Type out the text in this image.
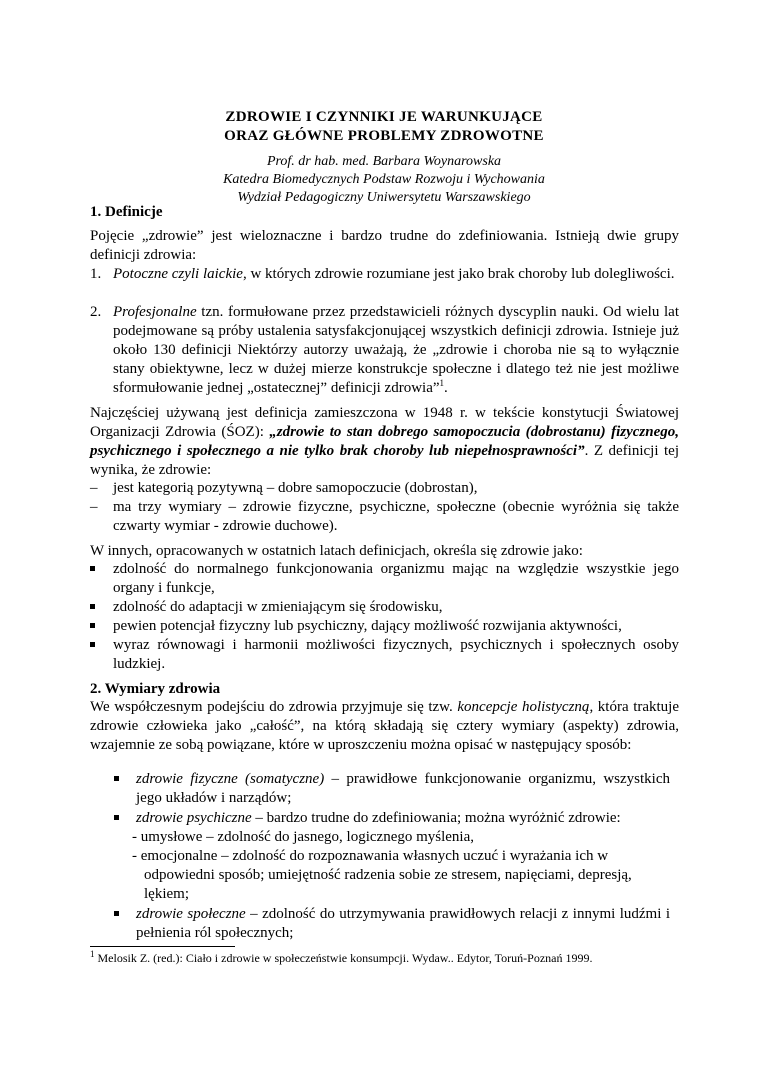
ZDROWIE I CZYNNIKI JE WARUNKUJĄCE
ORAZ GŁÓWNE PROBLEMY ZDROWOTNE
Prof. dr hab. med. Barbara Woynarowska
Katedra Biomedycznych Podstaw Rozwoju i Wychowania
Wydział Pedagogiczny Uniwersytetu Warszawskiego
1. Definicje
Pojęcie „zdrowie” jest wieloznaczne i bardzo trudne do zdefiniowania. Istnieją dwie grupy definicji zdrowia:
1. Potoczne czyli laickie, w których zdrowie rozumiane jest jako brak choroby lub dolegliwości.
2. Profesjonalne tzn. formułowane przez przedstawicieli różnych dyscyplin nauki. Od wielu lat podejmowane są próby ustalenia satysfakcjonującej wszystkich definicji zdrowia. Istnieje już około 130 definicji Niektórzy autorzy uważają, że „zdrowie i choroba nie są to wyłącznie stany obiektywne, lecz w dużej mierze konstrukcje społeczne i dlatego też nie jest możliwe sformułowanie jednej „ostatecznej” definicji zdrowia”$^1$.
Najczęściej używaną jest definicja zamieszczona w 1948 r. w tekście konstytucji Światowej Organizacji Zdrowia (ŚOZ): „zdrowie to stan dobrego samopoczucia (dobrostanu) fizycznego, psychicznego i społecznego a nie tylko brak choroby lub niepełnosprawności”. Z definicji tej wynika, że zdrowie:
– jest kategorią pozytywną – dobre samopoczucie (dobrostan),
– ma trzy wymiary – zdrowie fizyczne, psychiczne, społeczne (obecnie wyróżnia się także czwarty wymiar - zdrowie duchowe).
W innych, opracowanych w ostatnich latach definicjach, określa się zdrowie jako:
zdolność do normalnego funkcjonowania organizmu mając na względzie wszystkie jego organy i funkcje,
zdolność do adaptacji w zmieniającym się środowisku,
pewien potencjał fizyczny lub psychiczny, dający możliwość rozwijania aktywności,
wyraz równowagi i harmonii możliwości fizycznych, psychicznych i społecznych osoby ludzkiej.
2. Wymiary zdrowia
We współczesnym podejściu do zdrowia przyjmuje się tzw. koncepcje holistyczną, która traktuje zdrowie człowieka jako „całość”, na którą składają się cztery wymiary (aspekty) zdrowia, wzajemnie ze sobą powiązane, które w uproszczeniu można opisać w następujący sposób:
zdrowie fizyczne (somatyczne) – prawidłowe funkcjonowanie organizmu, wszystkich jego układów i narządów;
zdrowie psychiczne – bardzo trudne do zdefiniowania; można wyróżnić zdrowie:
- umysłowe – zdolność do jasnego, logicznego myślenia,
- emocjonalne – zdolność do rozpoznawania własnych uczuć i wyrażania ich w
odpowiedni sposób; umiejętność radzenia sobie ze stresem, napięciami, depresją,
lękiem;
zdrowie społeczne – zdolność do utrzymywania prawidłowych relacji z innymi ludźmi i pełnienia ról społecznych;
$^1$ Melosik Z. (red.): Ciało i zdrowie w społeczeństwie konsumpcji. Wydaw.. Edytor, Toruń-Poznań 1999.
